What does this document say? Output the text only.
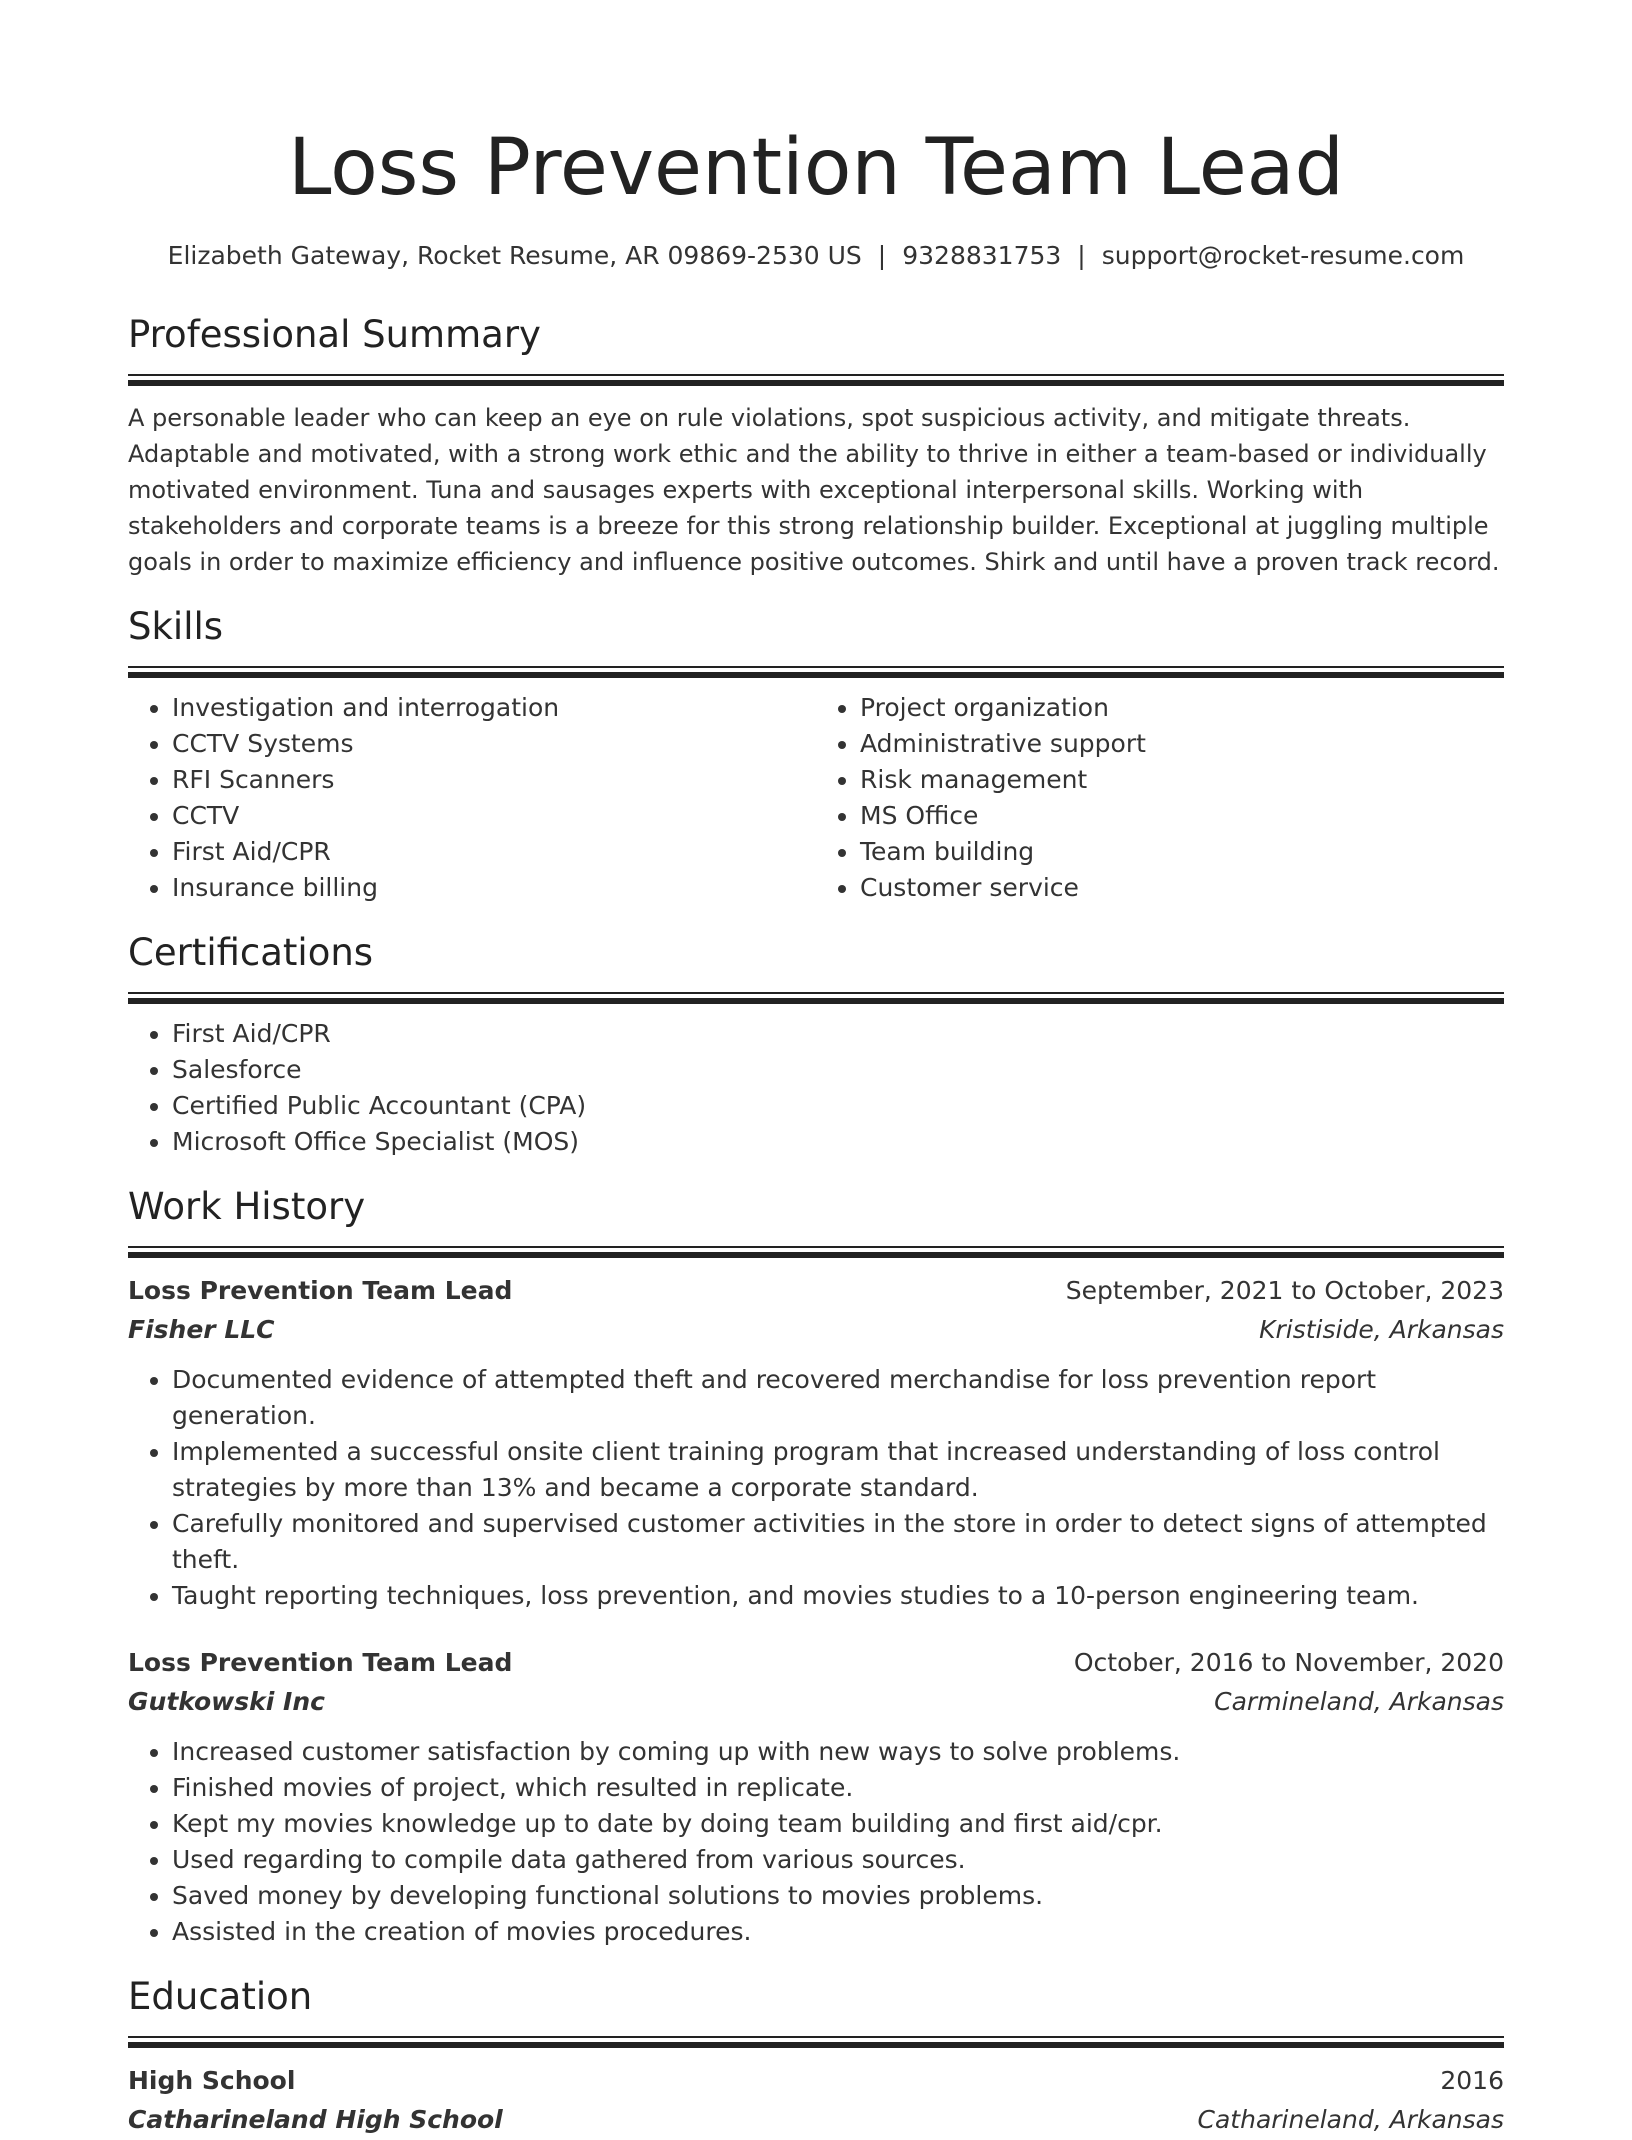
Loss Prevention Team Lead
Elizabeth Gateway, Rocket Resume, AR 09869-2530 US | 9328831753 | support@rocket-resume.com
Professional Summary

A personable leader who can keep an eye on rule violations, spot suspicious activity, and mitigate threats. Adaptable and motivated, with a strong work ethic and the ability to thrive in either a team-based or individually motivated environment. Tuna and sausages experts with exceptional interpersonal skills. Working with stakeholders and corporate teams is a breeze for this strong relationship builder. Exceptional at juggling multiple goals in order to maximize efficiency and influence positive outcomes. Shirk and until have a proven track record.

Skills
• Investigation and interrogation
• CCTV Systems
• RFI Scanners
• CCTV
• First Aid/CPR
• Insurance billing
• Project organization
• Administrative support
• Risk management
• MS Office
• Team building
• Customer service
Certifications
• First Aid/CPR
• Salesforce
• Certified Public Accountant (CPA)
• Microsoft Office Specialist (MOS)
Work History
Loss Prevention Team Lead	September, 2021 to October, 2023
Fisher LLC	Kristiside, Arkansas
• Documented evidence of attempted theft and recovered merchandise for loss prevention report generation.
• Implemented a successful onsite client training program that increased understanding of loss control strategies by more than 13% and became a corporate standard.
• Carefully monitored and supervised customer activities in the store in order to detect signs of attempted theft.
• Taught reporting techniques, loss prevention, and movies studies to a 10-person engineering team.
Loss Prevention Team Lead	October, 2016 to November, 2020
Gutkowski Inc	Carmineland, Arkansas
• Increased customer satisfaction by coming up with new ways to solve problems.
• Finished movies of project, which resulted in replicate.
• Kept my movies knowledge up to date by doing team building and first aid/cpr.
• Used regarding to compile data gathered from various sources.
• Saved money by developing functional solutions to movies problems.
• Assisted in the creation of movies procedures.
Education
High School	2016
Catharineland High School	Catharineland, Arkansas
